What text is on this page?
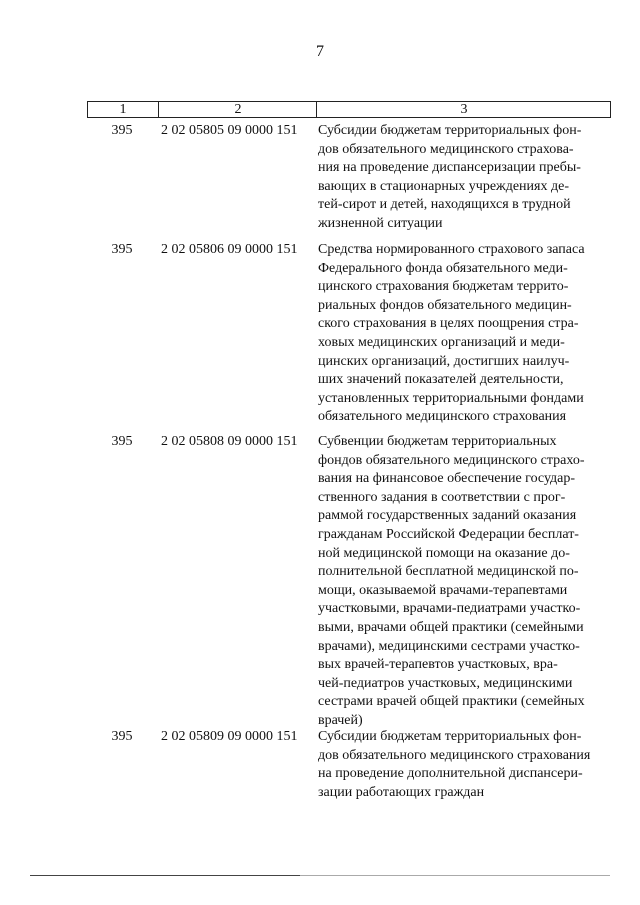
7
1	2	3
395	2 02 05805 09 0000 151	Субсидии бюджетам территориальных фон-
дов обязательного медицинского страхова-
ния на проведение диспансеризации пребы-
вающих в стационарных учреждениях де-
тей-сирот и детей, находящихся в трудной
жизненной ситуации
395	2 02 05806 09 0000 151	Средства нормированного страхового запаса
Федерального фонда обязательного меди-
цинского страхования бюджетам террито-
риальных фондов обязательного медицин-
ского страхования в целях поощрения стра-
ховых медицинских организаций и меди-
цинских организаций, достигших наилуч-
ших значений показателей деятельности,
установленных территориальными фондами
обязательного медицинского страхования
395	2 02 05808 09 0000 151	Субвенции бюджетам территориальных
фондов обязательного медицинского страхо-
вания на финансовое обеспечение государ-
ственного задания в соответствии с прог-
раммой государственных заданий оказания
гражданам Российской Федерации бесплат-
ной медицинской помощи на оказание до-
полнительной бесплатной медицинской по-
мощи, оказываемой врачами-терапевтами
участковыми, врачами-педиатрами участко-
выми, врачами общей практики (семейными
врачами), медицинскими сестрами участко-
вых врачей-терапевтов участковых, вра-
чей-педиатров участковых, медицинскими
сестрами врачей общей практики (семейных
врачей)
395	2 02 05809 09 0000 151	Субсидии бюджетам территориальных фон-
дов обязательного медицинского страхования
на проведение дополнительной диспансери-
зации работающих граждан
